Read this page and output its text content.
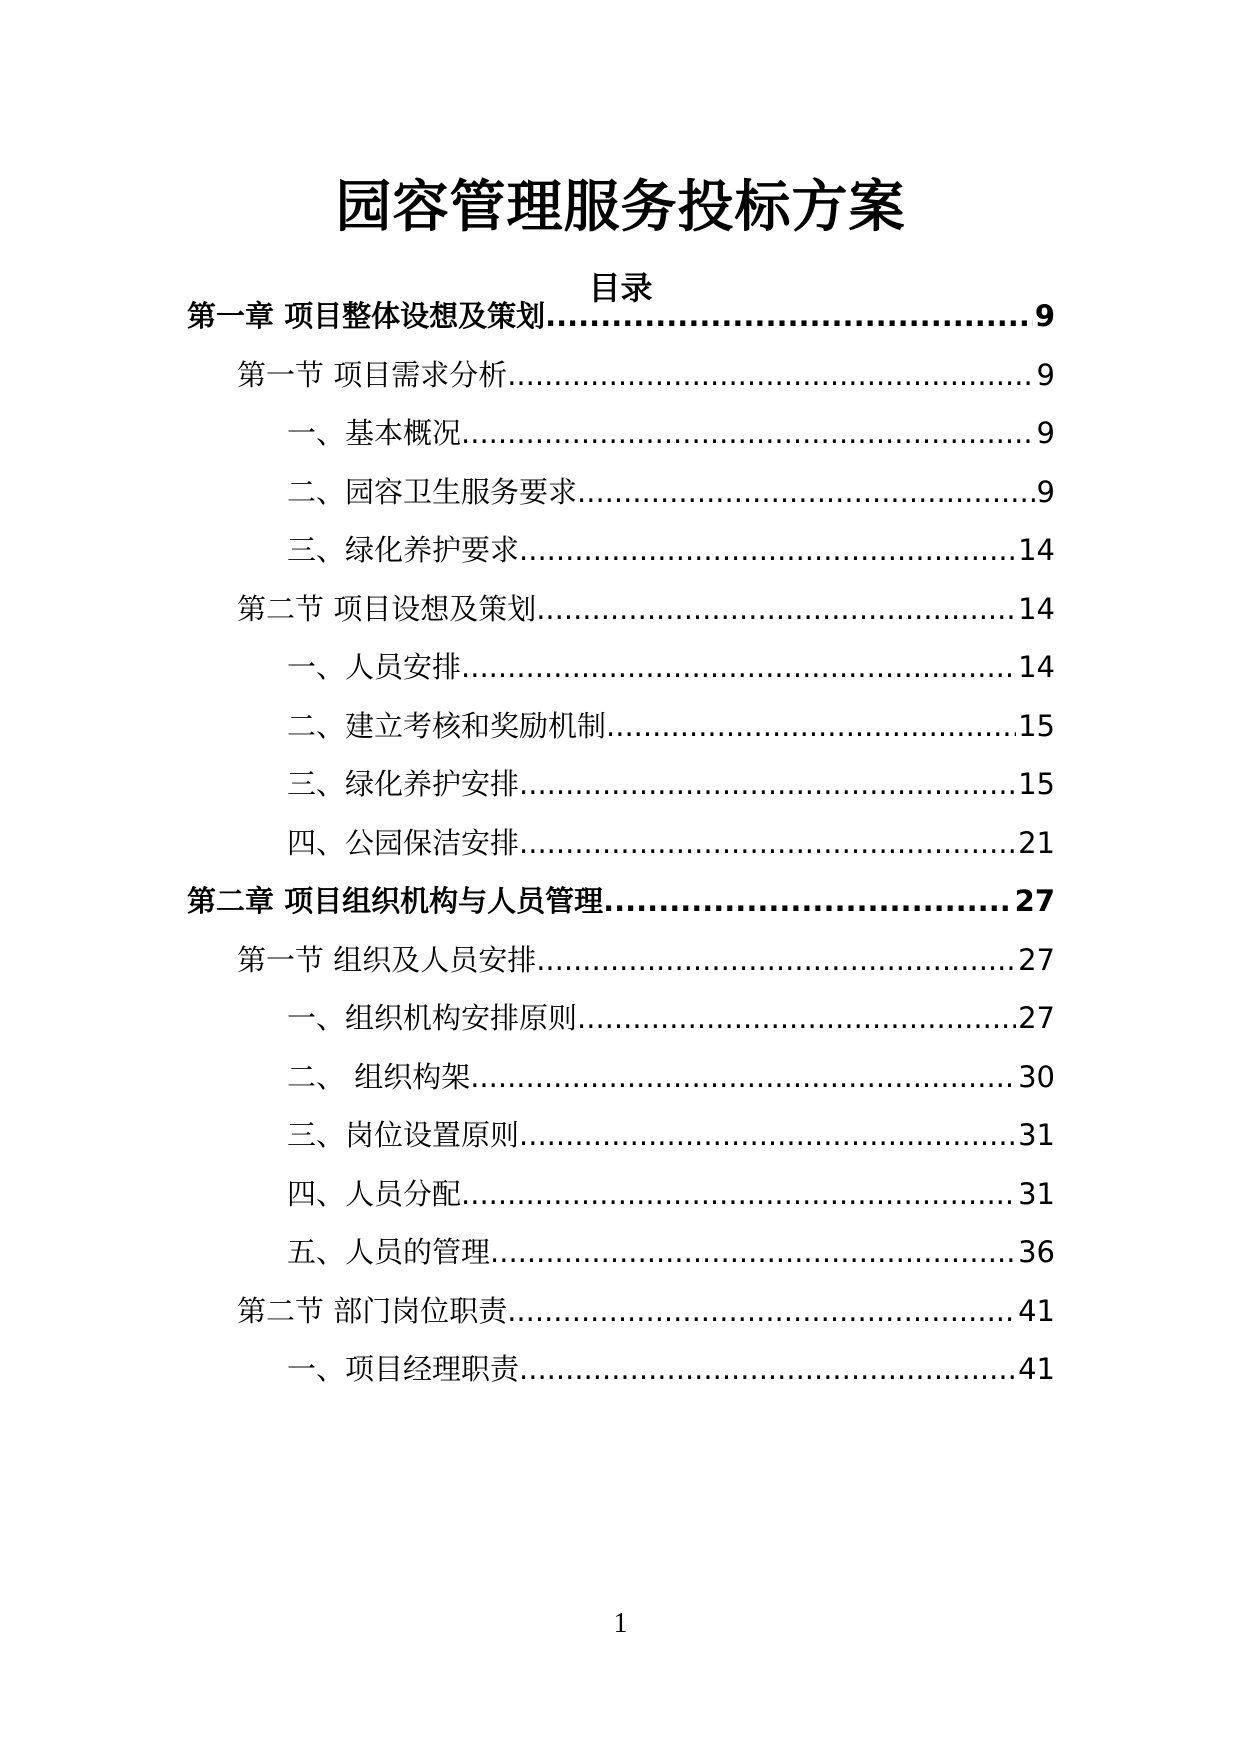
园容管理服务投标方案
目录
第一章 项目整体设想及策划 .....	9
第一节 项目需求分析 .....	9
一、基本概况 .....	9
二、园容卫生服务要求 .....	9
三、绿化养护要求 .....	14
第二节 项目设想及策划 .....	14
一、人员安排 .....	14
二、建立考核和奖励机制 .....	15
三、绿化养护安排 .....	15
四、公园保洁安排 .....	21
第二章 项目组织机构与人员管理 .....	27
第一节 组织及人员安排 .....	27
一、组织机构安排原则 .....	27
二、 组织构架 .....	30
三、岗位设置原则 .....	31
四、人员分配 .....	31
五、人员的管理 .....	36
第二节 部门岗位职责 .....	41
一、项目经理职责 .....	41
1
